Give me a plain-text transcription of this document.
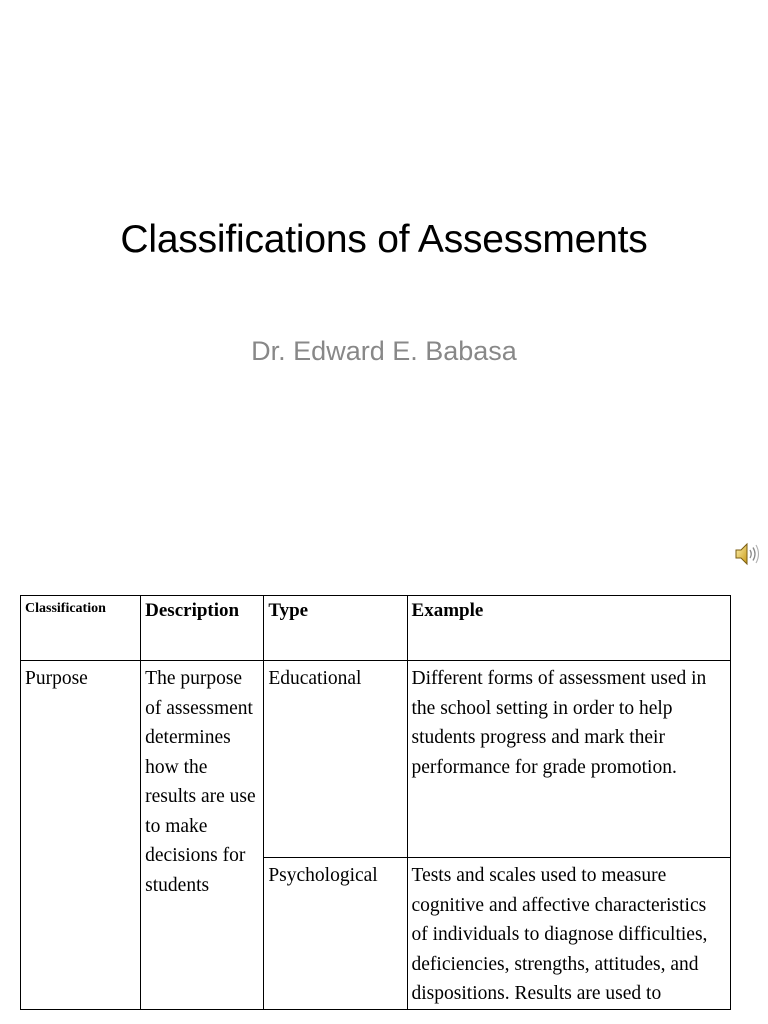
Classifications of Assessments
Dr. Edward E. Babasa
Classification	Description	Type	Example
Purpose	The purpose of assessment determines how the results are use to make decisions for students	Educational	Different forms of assessment used in the school setting in order to help students progress and mark their performance for grade promotion.
		Psychological	Tests and scales used to measure cognitive and affective characteristics of individuals to diagnose difficulties, deficiencies, strengths, attitudes, and dispositions. Results are used to
